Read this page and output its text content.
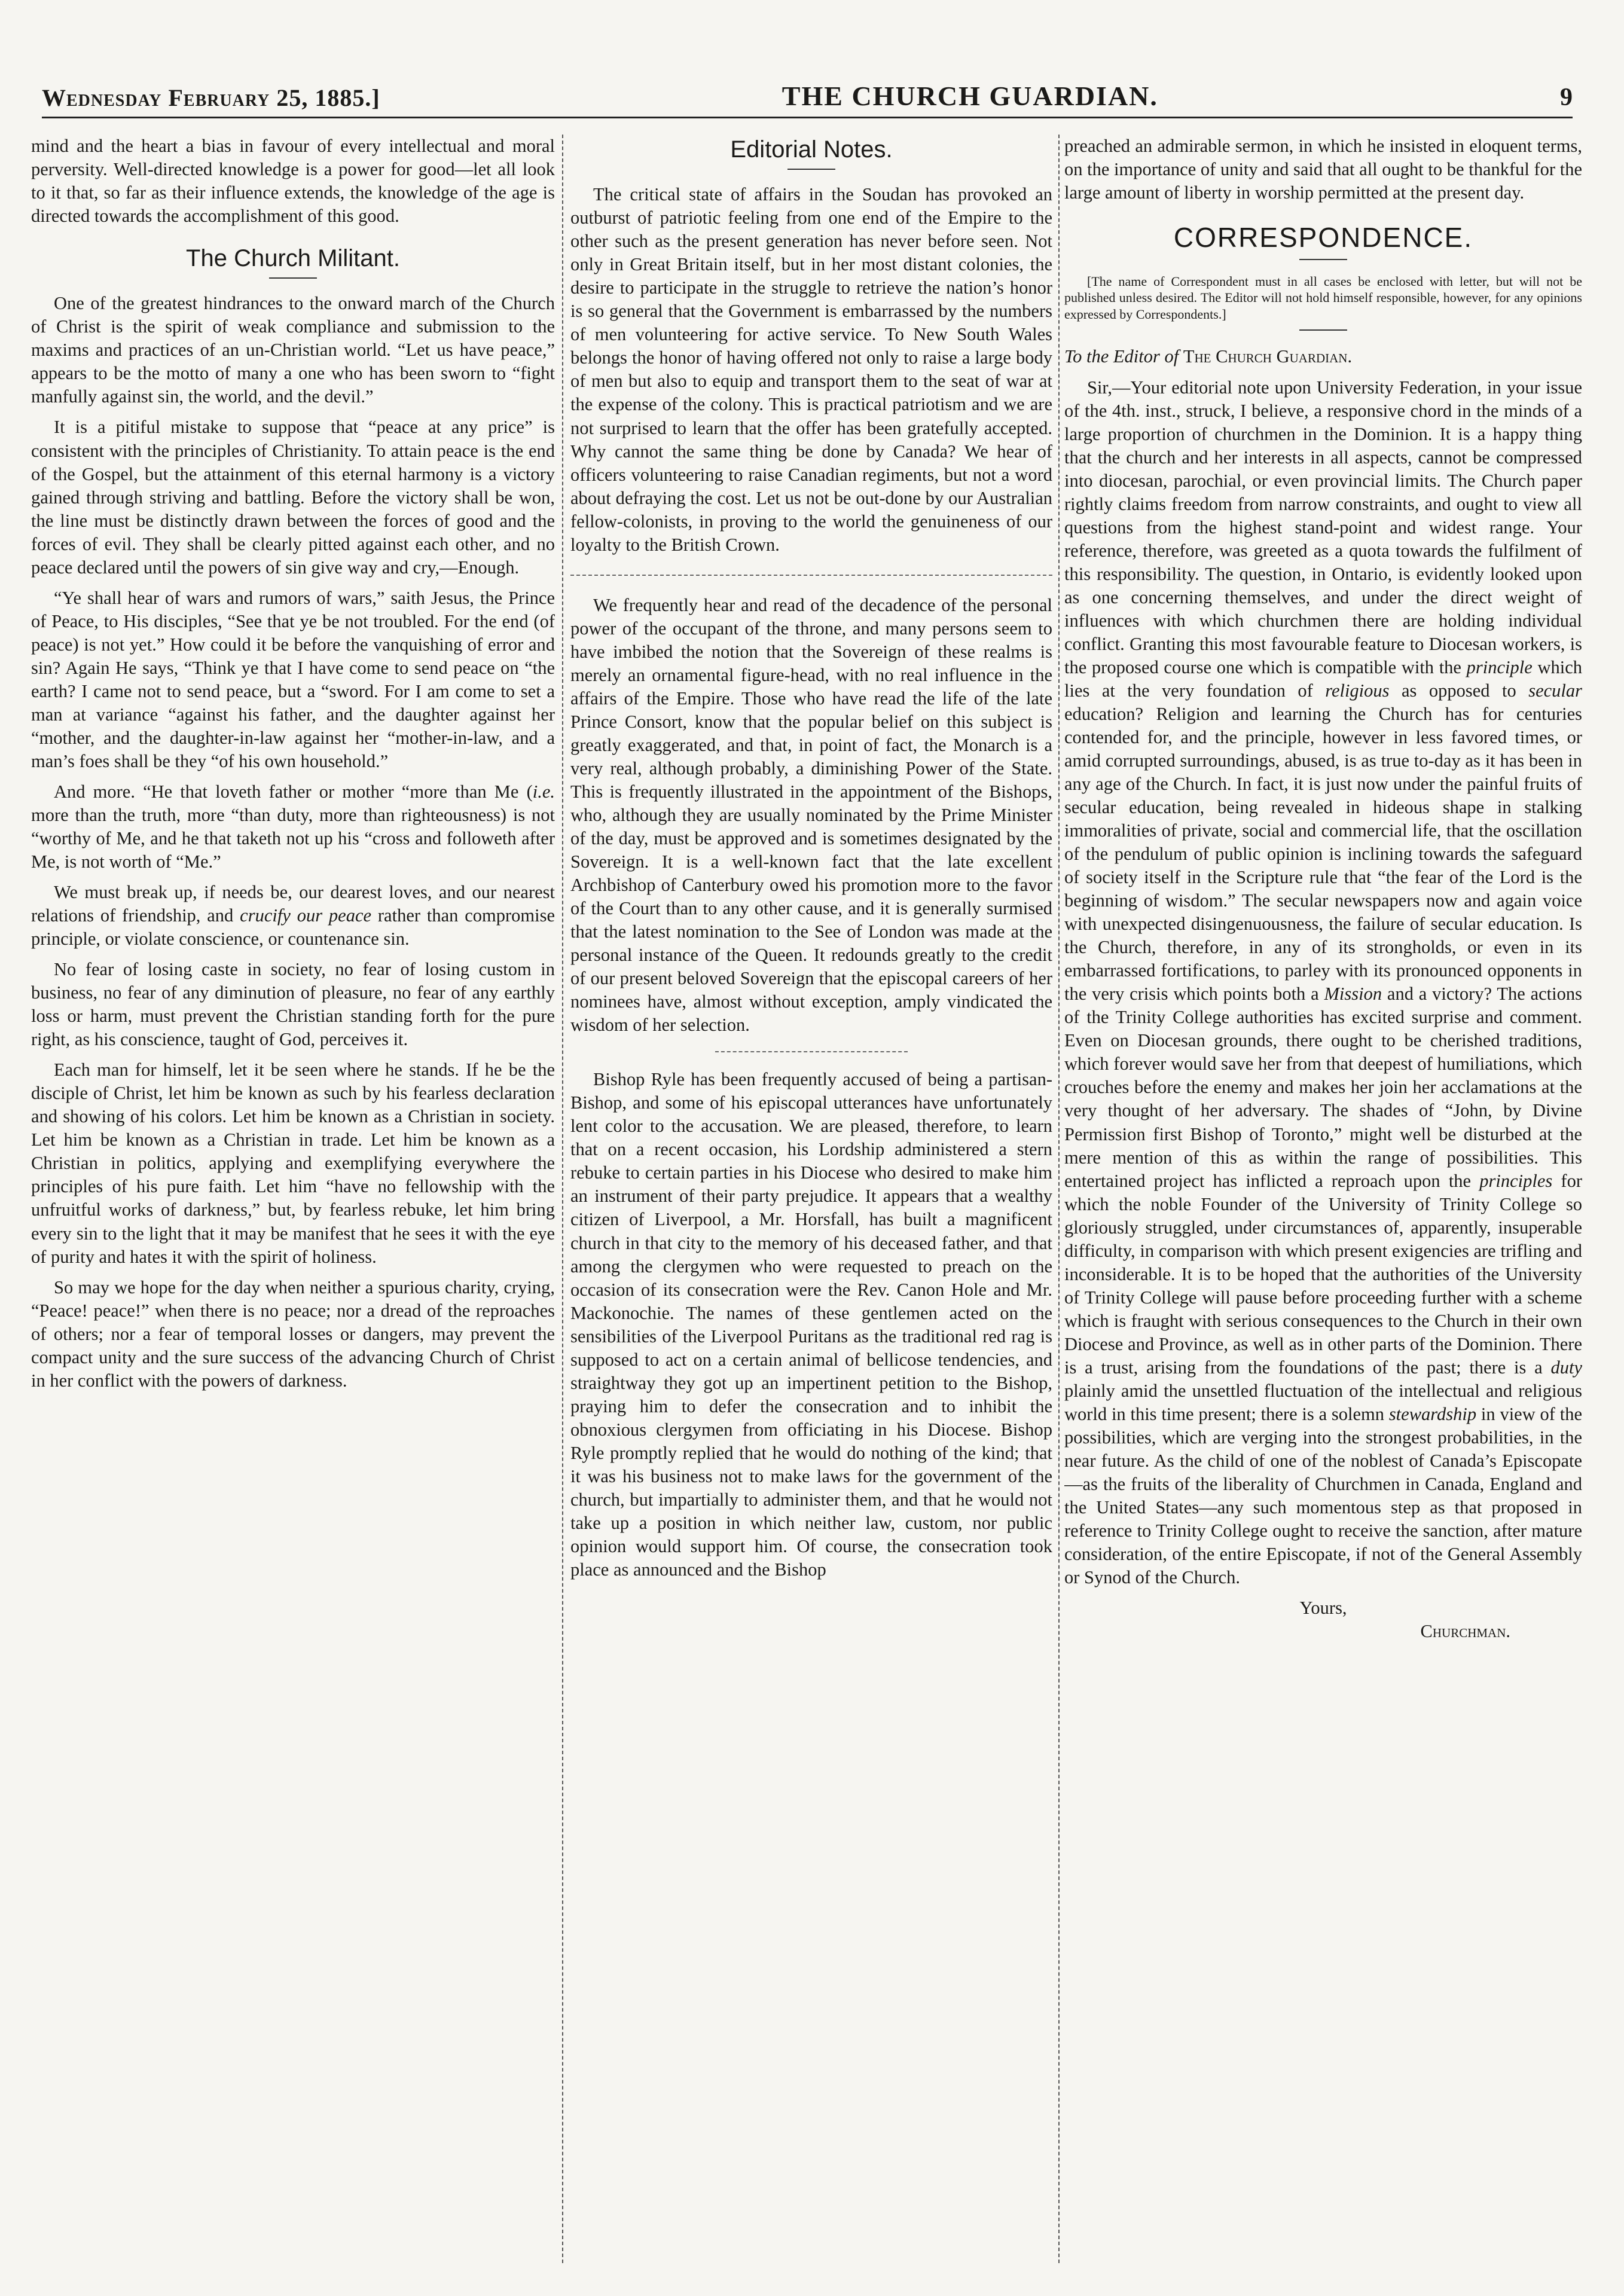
Wednesday February 25, 1885.]	THE CHURCH GUARDIAN.	9

mind and the heart a bias in favour of every intellectual and moral perversity. Well-directed knowledge is a power for good—let all look to it that, so far as their influence extends, the knowledge of the age is directed towards the accomplishment of this good.

The Church Militant.

One of the greatest hindrances to the onward march of the Church of Christ is the spirit of weak compliance and submission to the maxims and practices of an un-Christian world. “Let us have peace,” appears to be the motto of many a one who has been sworn to “fight manfully against sin, the world, and the devil.”

It is a pitiful mistake to suppose that “peace at any price” is consistent with the principles of Christianity. To attain peace is the end of the Gospel, but the attainment of this eternal harmony is a victory gained through striving and battling. Before the victory shall be won, the line must be distinctly drawn between the forces of good and the forces of evil. They shall be clearly pitted against each other, and no peace declared until the powers of sin give way and cry,—Enough.

“Ye shall hear of wars and rumors of wars,” saith Jesus, the Prince of Peace, to His disciples, “See that ye be not troubled. For the end (of peace) is not yet.” How could it be before the vanquishing of error and sin? Again He says, “Think ye that I have come to send peace on “the earth? I came not to send peace, but a “sword. For I am come to set a man at variance “against his father, and the daughter against her “mother, and the daughter-in-law against her “mother-in-law, and a man’s foes shall be they “of his own household.”

And more. “He that loveth father or mother “more than Me (i.e. more than the truth, more “than duty, more than righteousness) is not “worthy of Me, and he that taketh not up his “cross and followeth after Me, is not worth of “Me.”

We must break up, if needs be, our dearest loves, and our nearest relations of friendship, and crucify our peace rather than compromise principle, or violate conscience, or countenance sin.

No fear of losing caste in society, no fear of losing custom in business, no fear of any diminution of pleasure, no fear of any earthly loss or harm, must prevent the Christian standing forth for the pure right, as his conscience, taught of God, perceives it.

Each man for himself, let it be seen where he stands. If he be the disciple of Christ, let him be known as such by his fearless declaration and showing of his colors. Let him be known as a Christian in society. Let him be known as a Christian in trade. Let him be known as a Christian in politics, applying and exemplifying everywhere the principles of his pure faith. Let him “have no fellowship with the unfruitful works of darkness,” but, by fearless rebuke, let him bring every sin to the light that it may be manifest that he sees it with the eye of purity and hates it with the spirit of holiness.

So may we hope for the day when neither a spurious charity, crying, “Peace! peace!” when there is no peace; nor a dread of the reproaches of others; nor a fear of temporal losses or dangers, may prevent the compact unity and the sure success of the advancing Church of Christ in her conflict with the powers of darkness.

Editorial Notes.

The critical state of affairs in the Soudan has provoked an outburst of patriotic feeling from one end of the Empire to the other such as the present generation has never before seen. Not only in Great Britain itself, but in her most distant colonies, the desire to participate in the struggle to retrieve the nation’s honor is so general that the Government is embarrassed by the numbers of men volunteering for active service. To New South Wales belongs the honor of having offered not only to raise a large body of men but also to equip and transport them to the seat of war at the expense of the colony. This is practical patriotism and we are not surprised to learn that the offer has been gratefully accepted. Why cannot the same thing be done by Canada? We hear of officers volunteering to raise Canadian regiments, but not a word about defraying the cost. Let us not be out-done by our Australian fellow-colonists, in proving to the world the genuineness of our loyalty to the British Crown.

We frequently hear and read of the decadence of the personal power of the occupant of the throne, and many persons seem to have imbibed the notion that the Sovereign of these realms is merely an ornamental figure-head, with no real influence in the affairs of the Empire. Those who have read the life of the late Prince Consort, know that the popular belief on this subject is greatly exaggerated, and that, in point of fact, the Monarch is a very real, although probably, a diminishing Power of the State. This is frequently illustrated in the appointment of the Bishops, who, although they are usually nominated by the Prime Minister of the day, must be approved and is sometimes designated by the Sovereign. It is a well-known fact that the late excellent Archbishop of Canterbury owed his promotion more to the favor of the Court than to any other cause, and it is generally surmised that the latest nomination to the See of London was made at the personal instance of the Queen. It redounds greatly to the credit of our present beloved Sovereign that the episcopal careers of her nominees have, almost without exception, amply vindicated the wisdom of her selection.

Bishop Ryle has been frequently accused of being a partisan-Bishop, and some of his episcopal utterances have unfortunately lent color to the accusation. We are pleased, therefore, to learn that on a recent occasion, his Lordship administered a stern rebuke to certain parties in his Diocese who desired to make him an instrument of their party prejudice. It appears that a wealthy citizen of Liverpool, a Mr. Horsfall, has built a magnificent church in that city to the memory of his deceased father, and that among the clergymen who were requested to preach on the occasion of its consecration were the Rev. Canon Hole and Mr. Mackonochie. The names of these gentlemen acted on the sensibilities of the Liverpool Puritans as the traditional red rag is supposed to act on a certain animal of bellicose tendencies, and straightway they got up an impertinent petition to the Bishop, praying him to defer the consecration and to inhibit the obnoxious clergymen from officiating in his Diocese. Bishop Ryle promptly replied that he would do nothing of the kind; that it was his business not to make laws for the government of the church, but impartially to administer them, and that he would not take up a position in which neither law, custom, nor public opinion would support him. Of course, the consecration took place as announced and the Bishop

preached an admirable sermon, in which he insisted in eloquent terms, on the importance of unity and said that all ought to be thankful for the large amount of liberty in worship permitted at the present day.

CORRESPONDENCE.

[The name of Correspondent must in all cases be enclosed with letter, but will not be published unless desired. The Editor will not hold himself responsible, however, for any opinions expressed by Correspondents.]

To the Editor of The Church Guardian.

Sir,—Your editorial note upon University Federation, in your issue of the 4th. inst., struck, I believe, a responsive chord in the minds of a large proportion of churchmen in the Dominion. It is a happy thing that the church and her interests in all aspects, cannot be compressed into diocesan, parochial, or even provincial limits. The Church paper rightly claims freedom from narrow constraints, and ought to view all questions from the highest stand-point and widest range. Your reference, therefore, was greeted as a quota towards the fulfilment of this responsibility. The question, in Ontario, is evidently looked upon as one concerning themselves, and under the direct weight of influences with which churchmen there are holding individual conflict. Granting this most favourable feature to Diocesan workers, is the proposed course one which is compatible with the principle which lies at the very foundation of religious as opposed to secular education? Religion and learning the Church has for centuries contended for, and the principle, however in less favored times, or amid corrupted surroundings, abused, is as true to-day as it has been in any age of the Church. In fact, it is just now under the painful fruits of secular education, being revealed in hideous shape in stalking immoralities of private, social and commercial life, that the oscillation of the pendulum of public opinion is inclining towards the safeguard of society itself in the Scripture rule that “the fear of the Lord is the beginning of wisdom.” The secular newspapers now and again voice with unexpected disingenuousness, the failure of secular education. Is the Church, therefore, in any of its strongholds, or even in its embarrassed fortifications, to parley with its pronounced opponents in the very crisis which points both a Mission and a victory? The actions of the Trinity College authorities has excited surprise and comment. Even on Diocesan grounds, there ought to be cherished traditions, which forever would save her from that deepest of humiliations, which crouches before the enemy and makes her join her acclamations at the very thought of her adversary. The shades of “John, by Divine Permission first Bishop of Toronto,” might well be disturbed at the mere mention of this as within the range of possibilities. This entertained project has inflicted a reproach upon the principles for which the noble Founder of the University of Trinity College so gloriously struggled, under circumstances of, apparently, insuperable difficulty, in comparison with which present exigencies are trifling and inconsiderable. It is to be hoped that the authorities of the University of Trinity College will pause before proceeding further with a scheme which is fraught with serious consequences to the Church in their own Diocese and Province, as well as in other parts of the Dominion. There is a trust, arising from the foundations of the past; there is a duty plainly amid the unsettled fluctuation of the intellectual and religious world in this time present; there is a solemn stewardship in view of the possibilities, which are verging into the strongest probabilities, in the near future. As the child of one of the noblest of Canada’s Episcopate—as the fruits of the liberality of Churchmen in Canada, England and the United States—any such momentous step as that proposed in reference to Trinity College ought to receive the sanction, after mature consideration, of the entire Episcopate, if not of the General Assembly or Synod of the Church.

Yours,

Churchman.
